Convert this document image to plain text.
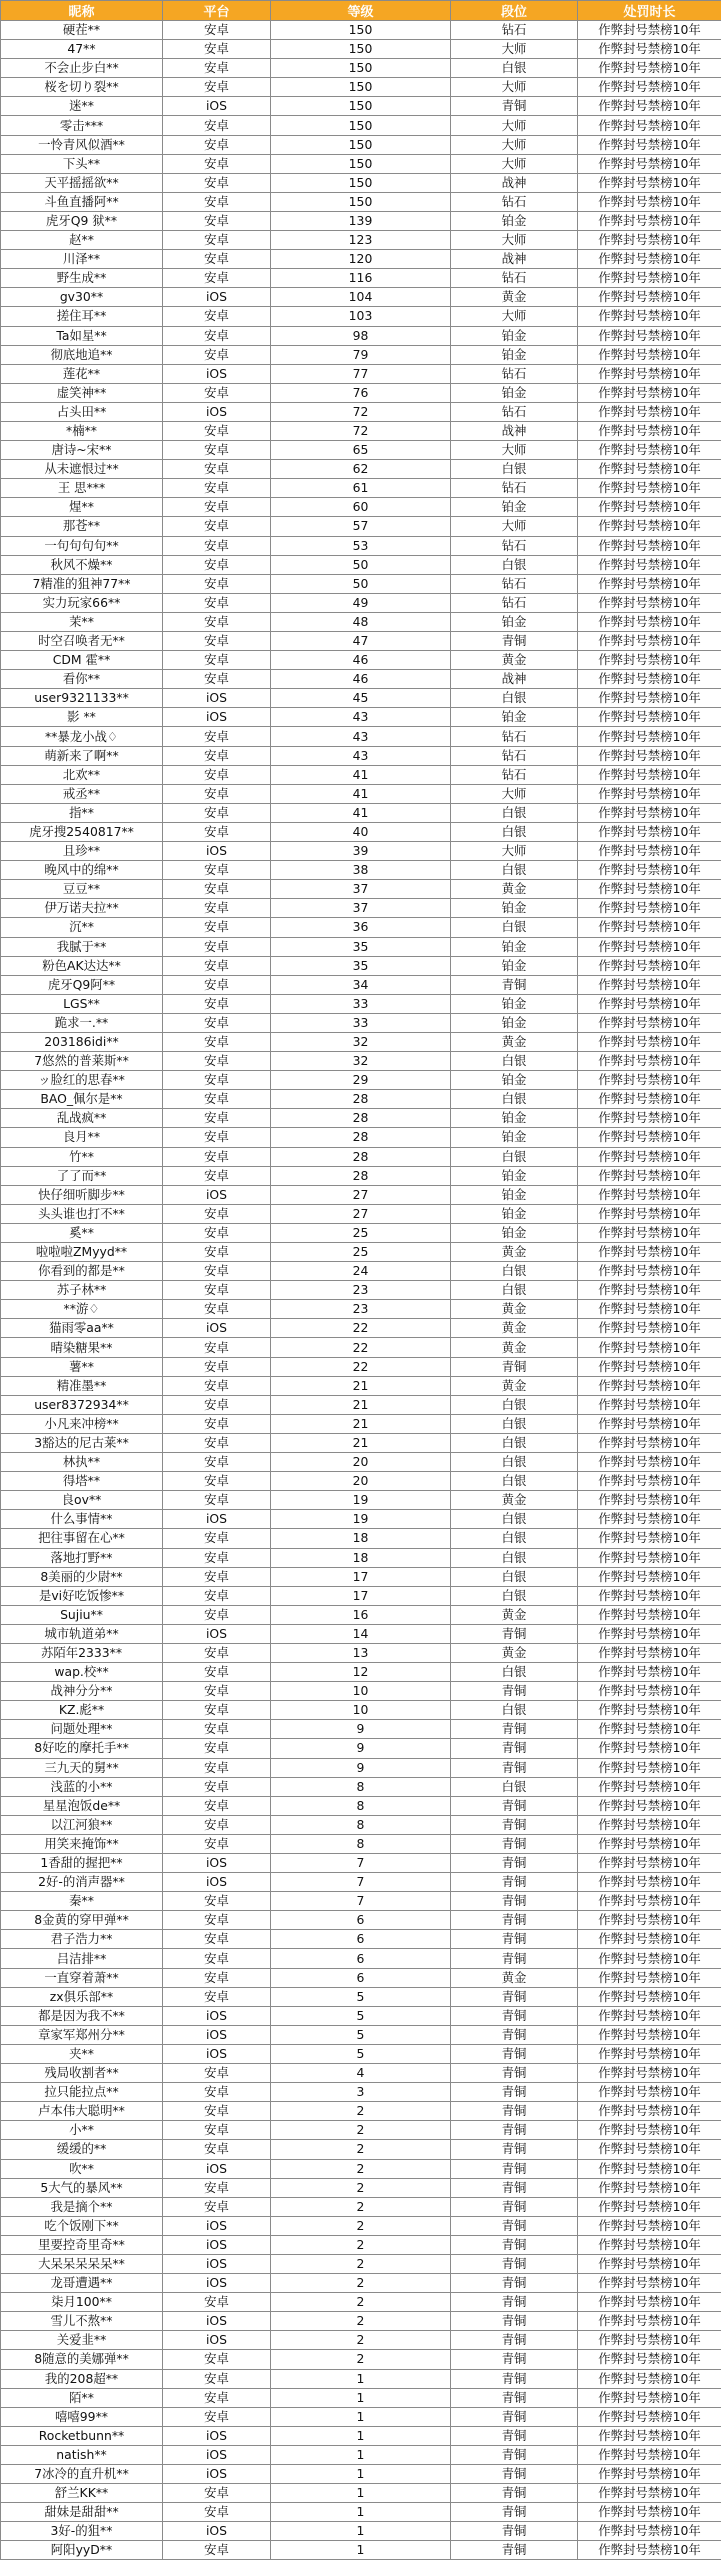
昵称	平台	等级	段位	处罚时长
硬茬**	安卓	150	钻石	作弊封号禁榜10年
47**	安卓	150	大师	作弊封号禁榜10年
不会止步白**	安卓	150	白银	作弊封号禁榜10年
桜を切り裂**	安卓	150	大师	作弊封号禁榜10年
迷**	iOS	150	青铜	作弊封号禁榜10年
零击***	安卓	150	大师	作弊封号禁榜10年
一怜青风似酒**	安卓	150	大师	作弊封号禁榜10年
下头**	安卓	150	大师	作弊封号禁榜10年
天平摇摇欲**	安卓	150	战神	作弊封号禁榜10年
斗鱼直播阿**	安卓	150	钻石	作弊封号禁榜10年
虎牙Q9 狱**	安卓	139	铂金	作弊封号禁榜10年
赵**	安卓	123	大师	作弊封号禁榜10年
川泽**	安卓	120	战神	作弊封号禁榜10年
野生成**	安卓	116	钻石	作弊封号禁榜10年
gv30**	iOS	104	黄金	作弊封号禁榜10年
搓住耳**	安卓	103	大师	作弊封号禁榜10年
Ta如星**	安卓	98	铂金	作弊封号禁榜10年
彻底地追**	安卓	79	铂金	作弊封号禁榜10年
莲花**	iOS	77	钻石	作弊封号禁榜10年
虚笑神**	安卓	76	铂金	作弊封号禁榜10年
占头田**	iOS	72	钻石	作弊封号禁榜10年
*楠**	安卓	72	战神	作弊封号禁榜10年
唐诗~宋**	安卓	65	大师	作弊封号禁榜10年
从未遮恨过**	安卓	62	白银	作弊封号禁榜10年
王 思***	安卓	61	钻石	作弊封号禁榜10年
煋**	安卓	60	铂金	作弊封号禁榜10年
那苍**	安卓	57	大师	作弊封号禁榜10年
一句句句句**	安卓	53	钻石	作弊封号禁榜10年
秋风不燥**	安卓	50	白银	作弊封号禁榜10年
7精准的狙神77**	安卓	50	钻石	作弊封号禁榜10年
实力玩家66**	安卓	49	钻石	作弊封号禁榜10年
茉**	安卓	48	铂金	作弊封号禁榜10年
时空召唤者无**	安卓	47	青铜	作弊封号禁榜10年
CDM 霍**	安卓	46	黄金	作弊封号禁榜10年
看你**	安卓	46	战神	作弊封号禁榜10年
user9321133**	iOS	45	白银	作弊封号禁榜10年
影 **	iOS	43	铂金	作弊封号禁榜10年
**暴龙小战♢	安卓	43	钻石	作弊封号禁榜10年
萌新来了啊**	安卓	43	钻石	作弊封号禁榜10年
北欢**	安卓	41	钻石	作弊封号禁榜10年
戒丞**	安卓	41	大师	作弊封号禁榜10年
指**	安卓	41	白银	作弊封号禁榜10年
虎牙搜2540817**	安卓	40	白银	作弊封号禁榜10年
且珍**	iOS	39	大师	作弊封号禁榜10年
晚风中的绵**	安卓	38	白银	作弊封号禁榜10年
豆豆**	安卓	37	黄金	作弊封号禁榜10年
伊万诺夫拉**	安卓	37	铂金	作弊封号禁榜10年
沉**	安卓	36	白银	作弊封号禁榜10年
我腻于**	安卓	35	铂金	作弊封号禁榜10年
粉色AK达达**	安卓	35	铂金	作弊封号禁榜10年
虎牙Q9阿**	安卓	34	青铜	作弊封号禁榜10年
LGS**	安卓	33	铂金	作弊封号禁榜10年
跪求一.**	安卓	33	铂金	作弊封号禁榜10年
203186idi**	安卓	32	黄金	作弊封号禁榜10年
7悠然的普莱斯**	安卓	32	白银	作弊封号禁榜10年
ッ脸红的思春**	安卓	29	铂金	作弊封号禁榜10年
BAO_佩尔是**	安卓	28	白银	作弊封号禁榜10年
乱战疯**	安卓	28	铂金	作弊封号禁榜10年
良月**	安卓	28	铂金	作弊封号禁榜10年
竹**	安卓	28	白银	作弊封号禁榜10年
了了而**	安卓	28	铂金	作弊封号禁榜10年
快仔细听脚步**	iOS	27	铂金	作弊封号禁榜10年
头头谁也打不**	安卓	27	铂金	作弊封号禁榜10年
奚**	安卓	25	铂金	作弊封号禁榜10年
啦啦啦ZMyyd**	安卓	25	黄金	作弊封号禁榜10年
你看到的都是**	安卓	24	白银	作弊封号禁榜10年
苏子林**	安卓	23	白银	作弊封号禁榜10年
**游♢	安卓	23	黄金	作弊封号禁榜10年
猫雨零aa**	iOS	22	黄金	作弊封号禁榜10年
晴染糖果**	安卓	22	黄金	作弊封号禁榜10年
薯**	安卓	22	青铜	作弊封号禁榜10年
精准墨**	安卓	21	黄金	作弊封号禁榜10年
user8372934**	安卓	21	白银	作弊封号禁榜10年
小凡来冲榜**	安卓	21	白银	作弊封号禁榜10年
3豁达的尼古莱**	安卓	21	白银	作弊封号禁榜10年
林执**	安卓	20	白银	作弊封号禁榜10年
得塔**	安卓	20	白银	作弊封号禁榜10年
良ov**	安卓	19	黄金	作弊封号禁榜10年
什么事情**	iOS	19	白银	作弊封号禁榜10年
把往事留在心**	安卓	18	白银	作弊封号禁榜10年
落地打野**	安卓	18	白银	作弊封号禁榜10年
8美丽的少尉**	安卓	17	白银	作弊封号禁榜10年
是vi好吃饭惨**	安卓	17	白银	作弊封号禁榜10年
Sujiu**	安卓	16	黄金	作弊封号禁榜10年
城市轨道弟**	iOS	14	青铜	作弊封号禁榜10年
苏陌年2333**	安卓	13	黄金	作弊封号禁榜10年
wap.校**	安卓	12	白银	作弊封号禁榜10年
战神分分**	安卓	10	青铜	作弊封号禁榜10年
KZ.彪**	安卓	10	白银	作弊封号禁榜10年
问题处理**	安卓	9	青铜	作弊封号禁榜10年
8好吃的摩托手**	安卓	9	青铜	作弊封号禁榜10年
三九天的舅**	安卓	9	青铜	作弊封号禁榜10年
浅蓝的小**	安卓	8	白银	作弊封号禁榜10年
星星泡饭de**	安卓	8	青铜	作弊封号禁榜10年
以江河狼**	安卓	8	青铜	作弊封号禁榜10年
用笑来掩饰**	安卓	8	青铜	作弊封号禁榜10年
1香甜的握把**	iOS	7	青铜	作弊封号禁榜10年
2好-的消声器**	iOS	7	青铜	作弊封号禁榜10年
秦**	安卓	7	青铜	作弊封号禁榜10年
8金黄的穿甲弹**	安卓	6	青铜	作弊封号禁榜10年
君子浩力**	安卓	6	青铜	作弊封号禁榜10年
吕洁排**	安卓	6	青铜	作弊封号禁榜10年
一直穿着萧**	安卓	6	黄金	作弊封号禁榜10年
zx俱乐部**	安卓	5	青铜	作弊封号禁榜10年
都是因为我不**	iOS	5	青铜	作弊封号禁榜10年
章家军郑州分**	iOS	5	青铜	作弊封号禁榜10年
夹**	iOS	5	青铜	作弊封号禁榜10年
残局收割者**	安卓	4	青铜	作弊封号禁榜10年
拉只能拉点**	安卓	3	青铜	作弊封号禁榜10年
卢本伟大聪明**	安卓	2	青铜	作弊封号禁榜10年
小**	安卓	2	青铜	作弊封号禁榜10年
缓缓的**	安卓	2	青铜	作弊封号禁榜10年
吹**	iOS	2	青铜	作弊封号禁榜10年
5大气的暴风**	安卓	2	青铜	作弊封号禁榜10年
我是摘个**	安卓	2	青铜	作弊封号禁榜10年
吃个饭刚下**	iOS	2	青铜	作弊封号禁榜10年
里要控奇里奇**	iOS	2	青铜	作弊封号禁榜10年
大呆呆呆呆呆**	iOS	2	青铜	作弊封号禁榜10年
龙哥遭遇**	iOS	2	青铜	作弊封号禁榜10年
柒月100**	安卓	2	青铜	作弊封号禁榜10年
雪儿不熬**	iOS	2	青铜	作弊封号禁榜10年
关爱韭**	iOS	2	青铜	作弊封号禁榜10年
8随意的美娜弹**	安卓	2	青铜	作弊封号禁榜10年
我的208超**	安卓	1	青铜	作弊封号禁榜10年
陌**	安卓	1	青铜	作弊封号禁榜10年
嘻嘻99**	安卓	1	青铜	作弊封号禁榜10年
Rocketbunn**	iOS	1	青铜	作弊封号禁榜10年
natish**	iOS	1	青铜	作弊封号禁榜10年
7冰冷的直升机**	iOS	1	青铜	作弊封号禁榜10年
舒兰KK**	安卓	1	青铜	作弊封号禁榜10年
甜妹是甜甜**	安卓	1	青铜	作弊封号禁榜10年
3好-的狙**	iOS	1	青铜	作弊封号禁榜10年
阿阳yyD**	安卓	1	青铜	作弊封号禁榜10年
